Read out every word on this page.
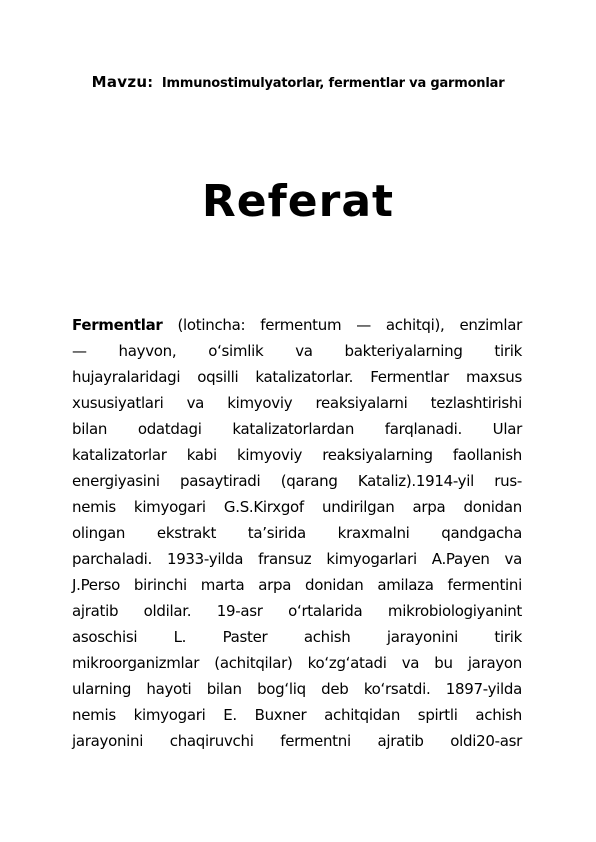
Mavzu: Immunostimulyatorlar, fermentlar va garmonlar
Referat
Fermentlar (lotincha: fermentum — achitqi), enzimlar
— hayvon, oʻsimlik va bakteriyalarning tirik
hujayralaridagi oqsilli katalizatorlar. Fermentlar maxsus
xususiyatlari va kimyoviy reaksiyalarni tezlashtirishi
bilan odatdagi katalizatorlardan farqlanadi. Ular
katalizatorlar kabi kimyoviy reaksiyalarning faollanish
energiyasini pasaytiradi (qarang Kataliz).1914-yil rus-
nemis kimyogari G.S.Kirxgof undirilgan arpa donidan
olingan ekstrakt taʼsirida kraxmalni qandgacha
parchaladi. 1933-yilda fransuz kimyogarlari A.Payen va
J.Perso birinchi marta arpa donidan amilaza fermentini
ajratib oldilar. 19-asr oʻrtalarida mikrobiologiyanint
asoschisi L. Paster achish jarayonini tirik
mikroorganizmlar (achitqilar) koʻzgʻatadi va bu jarayon
ularning hayoti bilan bogʻliq deb koʻrsatdi. 1897-yilda
nemis kimyogari E. Buxner achitqidan spirtli achish
jarayonini chaqiruvchi fermentni ajratib oldi20-asr
